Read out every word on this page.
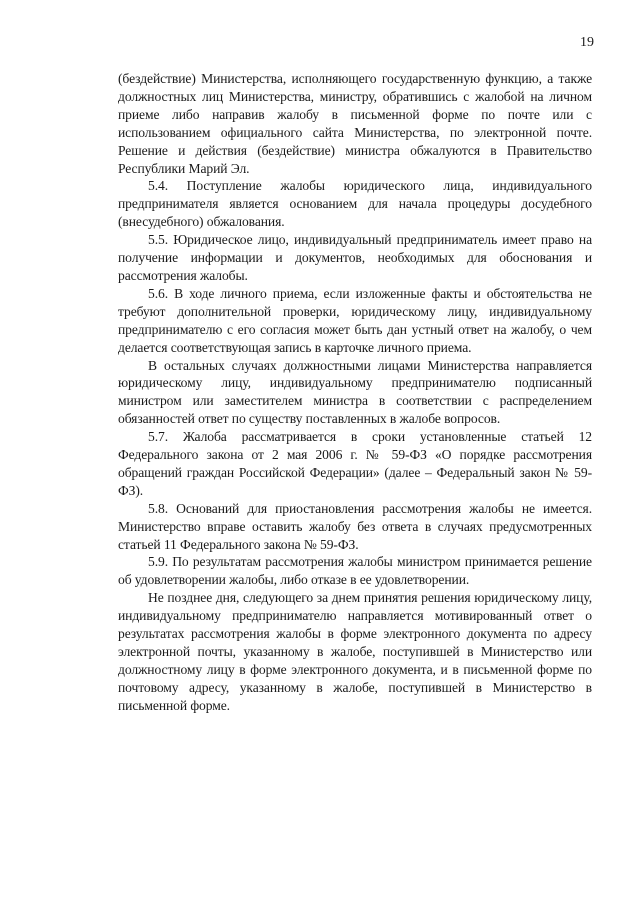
19

(бездействие) Министерства, исполняющего государственную функцию, а также должностных лиц Министерства, министру, обратившись с жалобой на личном приеме либо направив жалобу в письменной форме по почте или с использованием официального сайта Министерства, по электронной почте. Решение и действия (бездействие) министра обжалуются в Правительство Республики Марий Эл.

5.4. Поступление жалобы юридического лица, индивидуального предпринимателя является основанием для начала процедуры досудебного (внесудебного) обжалования.

5.5. Юридическое лицо, индивидуальный предприниматель имеет право на получение информации и документов, необходимых для обоснования и рассмотрения жалобы.

5.6. В ходе личного приема, если изложенные факты и обстоятельства не требуют дополнительной проверки, юридическому лицу, индивидуальному предпринимателю с его согласия может быть дан устный ответ на жалобу, о чем делается соответствующая запись в карточке личного приема.

В остальных случаях должностными лицами Министерства направляется юридическому лицу, индивидуальному предпринимателю подписанный министром или заместителем министра в соответствии с распределением обязанностей ответ по существу поставленных в жалобе вопросов.

5.7. Жалоба рассматривается в сроки установленные статьей 12 Федерального закона от 2 мая 2006 г. № 59-ФЗ «О порядке рассмотрения обращений граждан Российской Федерации» (далее – Федеральный закон № 59-ФЗ).

5.8. Оснований для приостановления рассмотрения жалобы не имеется. Министерство вправе оставить жалобу без ответа в случаях предусмотренных статьей 11 Федерального закона № 59-ФЗ.

5.9. По результатам рассмотрения жалобы министром принимается решение об удовлетворении жалобы, либо отказе в ее удовлетворении.

Не позднее дня, следующего за днем принятия решения юридическому лицу, индивидуальному предпринимателю направляется мотивированный ответ о результатах рассмотрения жалобы в форме электронного документа по адресу электронной почты, указанному в жалобе, поступившей в Министерство или должностному лицу в форме электронного документа, и в письменной форме по почтовому адресу, указанному в жалобе, поступившей в Министерство в письменной форме.
